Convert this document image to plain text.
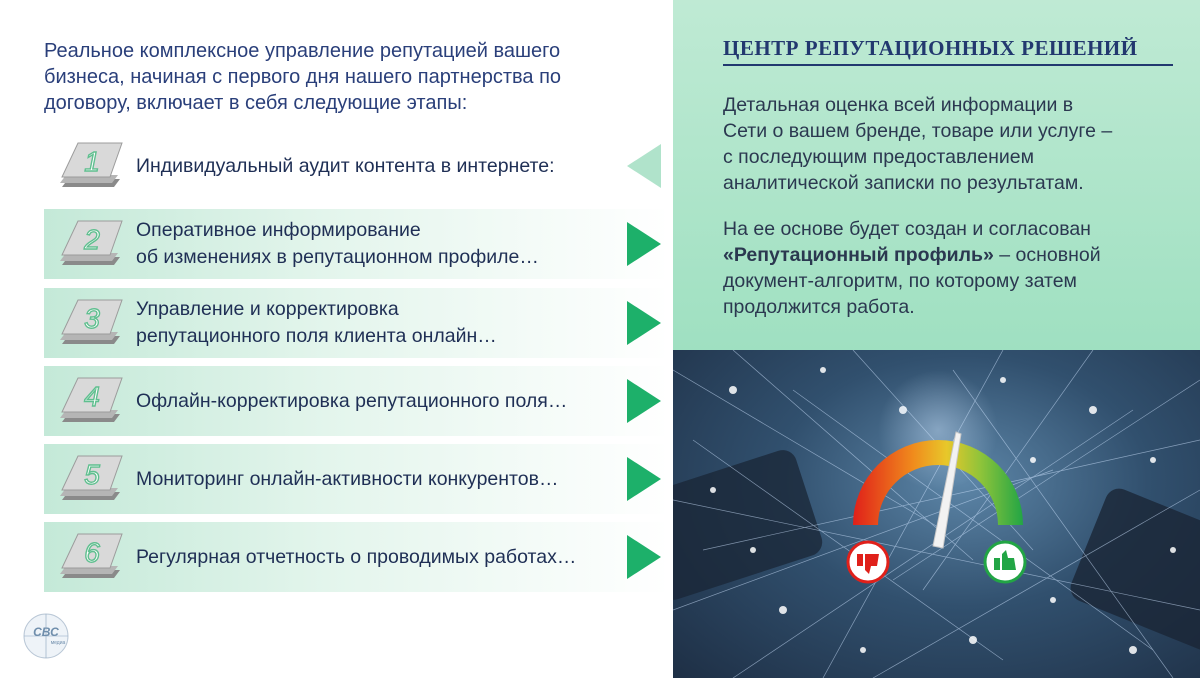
Реальное комплексное управление репутацией вашего
бизнеса, начиная с первого дня нашего партнерства по
договору, включает в себя следующие этапы:
1 Индивидуальный аудит контента в интернете:
2 Оперативное информирование
об изменениях в репутационном профиле…
3 Управление и корректировка
репутационного поля клиента онлайн…
4 Офлайн-корректировка репутационного поля…
5 Мониторинг онлайн-активности конкурентов…
6 Регулярная отчетность о проводимых работах…
ЦЕНТР РЕПУТАЦИОННЫХ РЕШЕНИЙ
Детальная оценка всей информации в
Сети о вашем бренде, товаре или услуге –
с последующим предоставлением
аналитической записки по результатам.
На ее основе будет создан и согласован
«Репутационный профиль» – основной
документ-алгоритм, по которому затем
продолжится работа.
СВС
медиа
